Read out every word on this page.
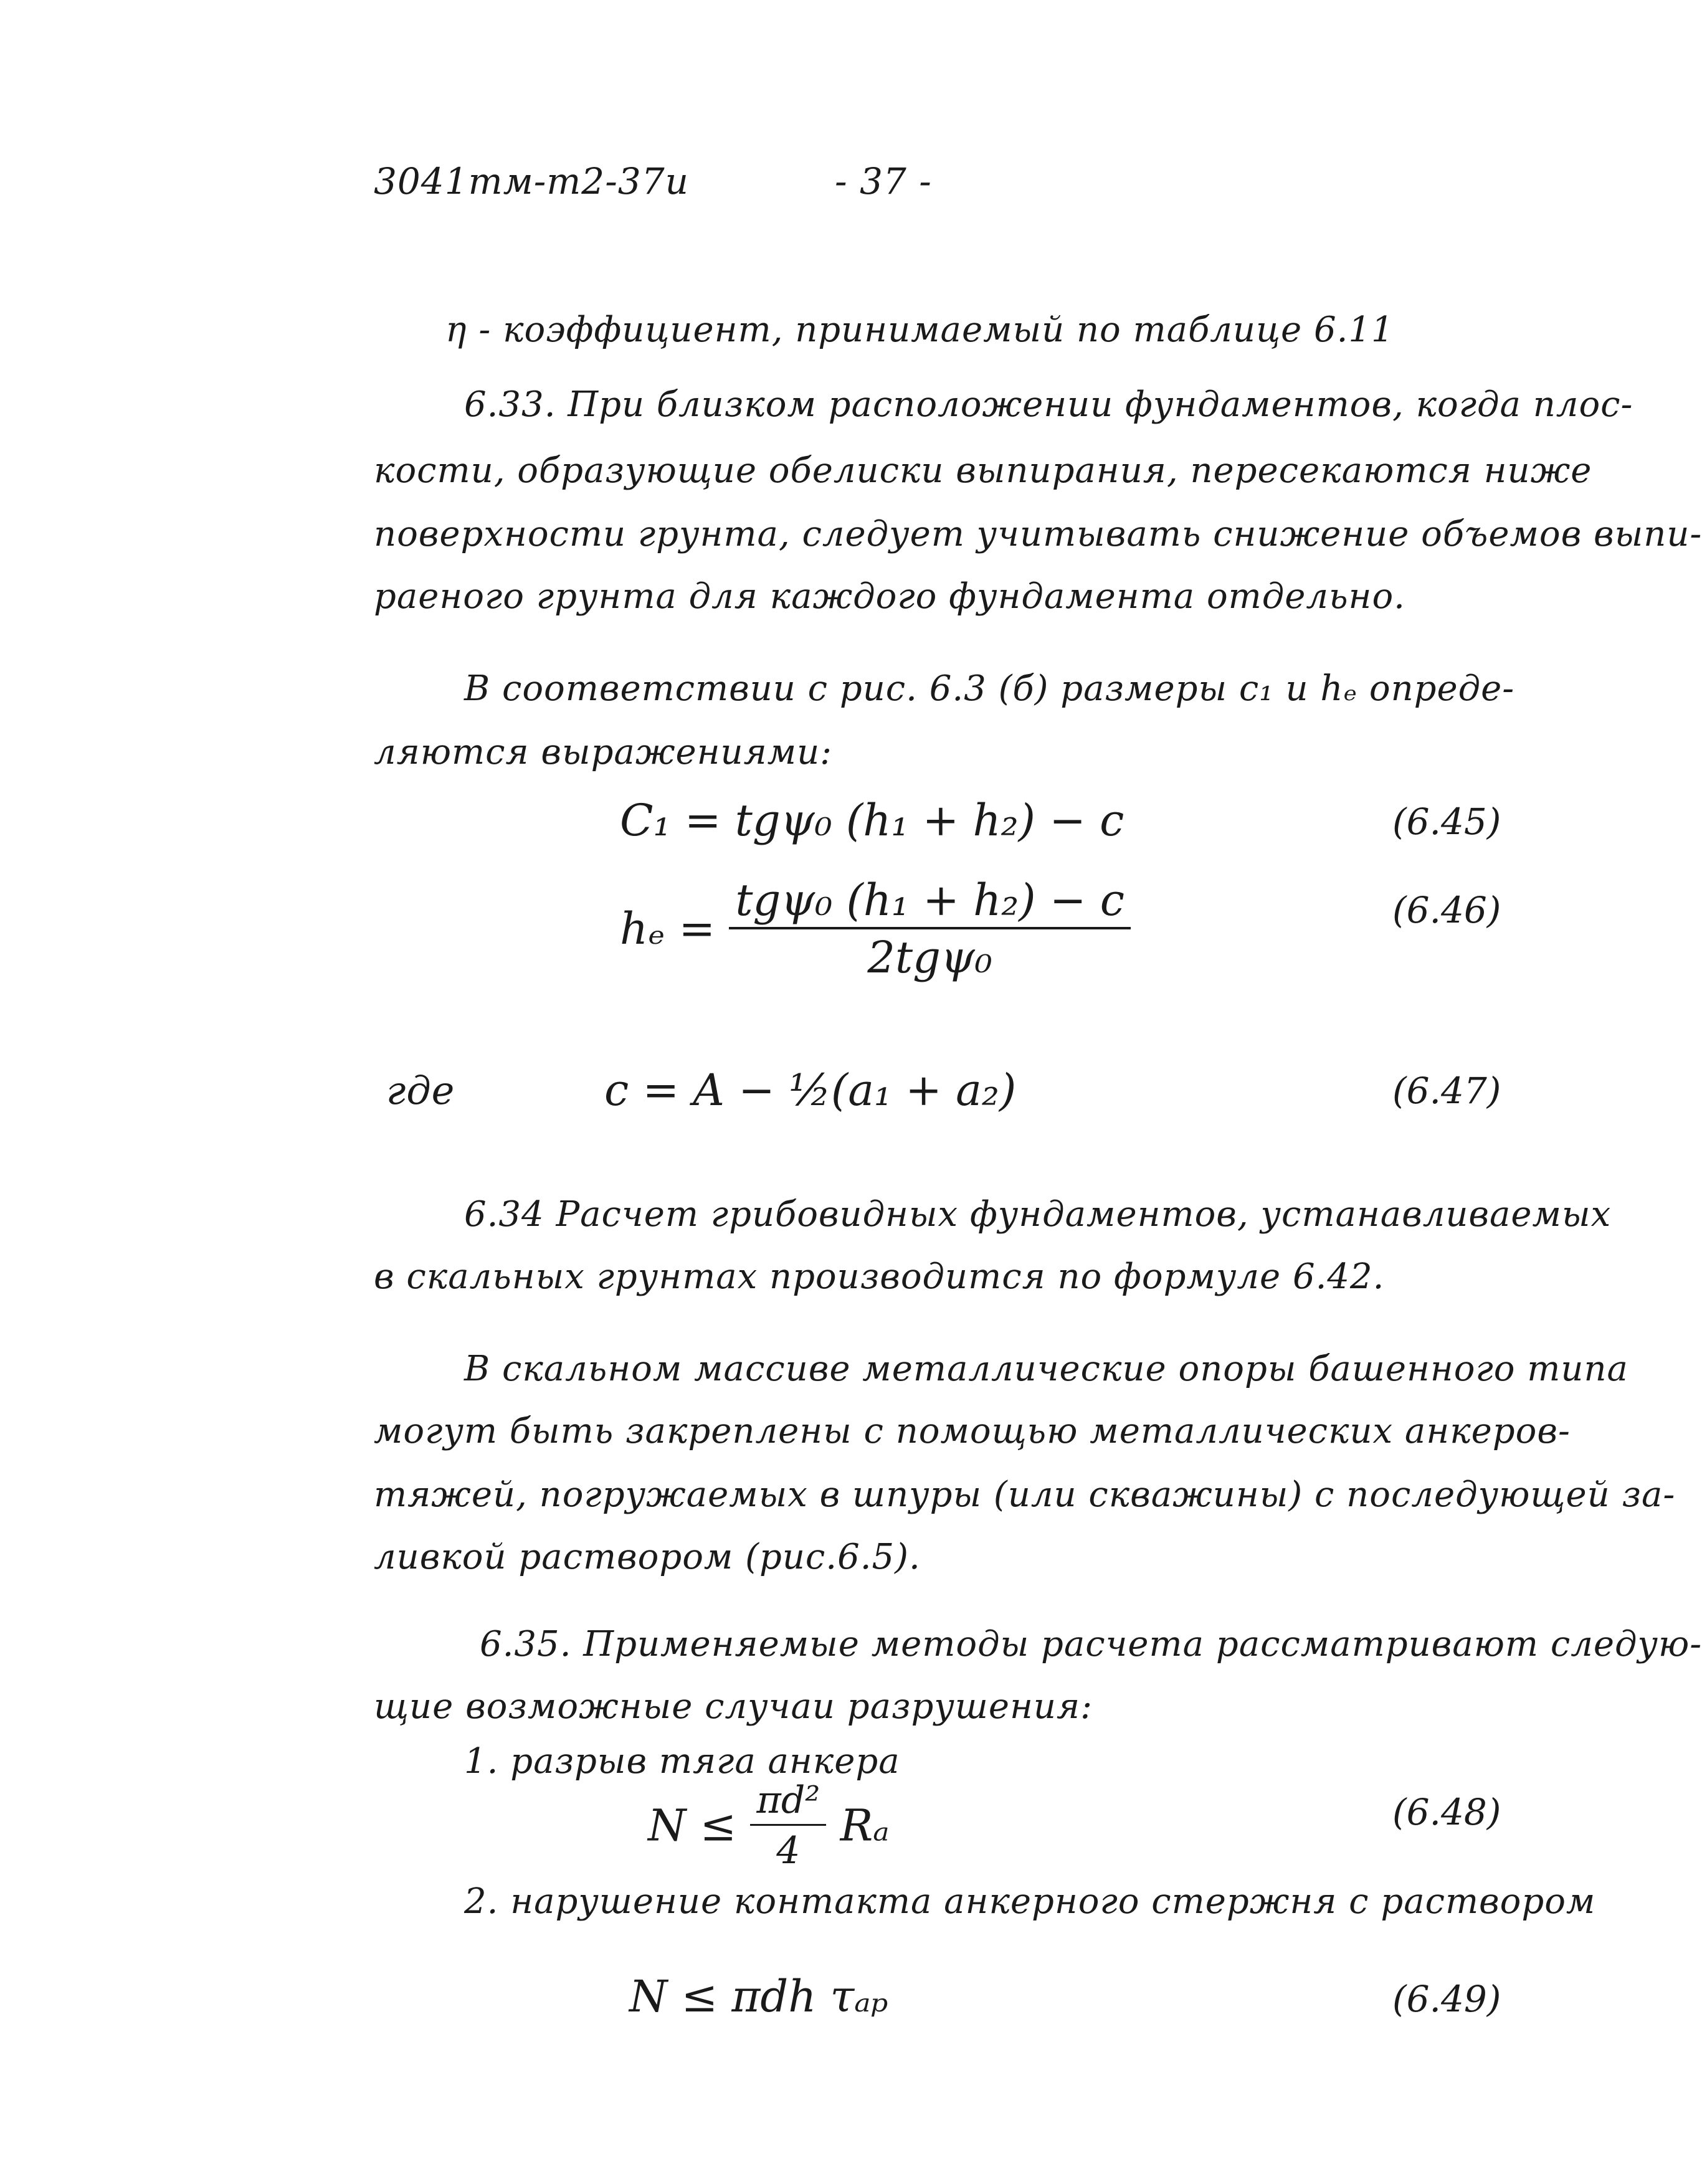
3041тм-т2-37и	- 37 -
η - коэффициент, принимаемый по таблице 6.11
6.33. При близком расположении фундаментов, когда плос-
кости, образующие обелиски выпирания, пересекаются ниже
поверхности грунта, следует учитывать снижение объемов выпи-
раеного грунта для каждого фундамента отдельно.
В соответствии с рис. 6.3 (б) размеры c₁ и hₑ опреде-
ляются выражениями:
C₁ = tgψ₀ (h₁ + h₂) − c	(6.45)
$h_e = \frac{\text{tgψ₀ (h₁ + h₂) − c}}{\text{2tgψ₀}}$	(6.46)
где	c = A − ½(a₁ + a₂)	(6.47)
6.34 Расчет грибовидных фундаментов, устанавливаемых
в скальных грунтах производится по формуле 6.42.
В скальном массиве металлические опоры башенного типа
могут быть закреплены с помощью металлических анкеров-
тяжей, погружаемых в шпуры (или скважины) с последующей за-
ливкой раствором (рис.6.5).
6.35. Применяемые методы расчета рассматривают следую-
щие возможные случаи разрушения:
1. разрыв тяга анкера
$N \le \frac{\text{πd²}}{4}$ Rₐ	(6.48)
2. нарушение контакта анкерного стержня с раствором
N ≤ πdh τₐₚ	(6.49)
